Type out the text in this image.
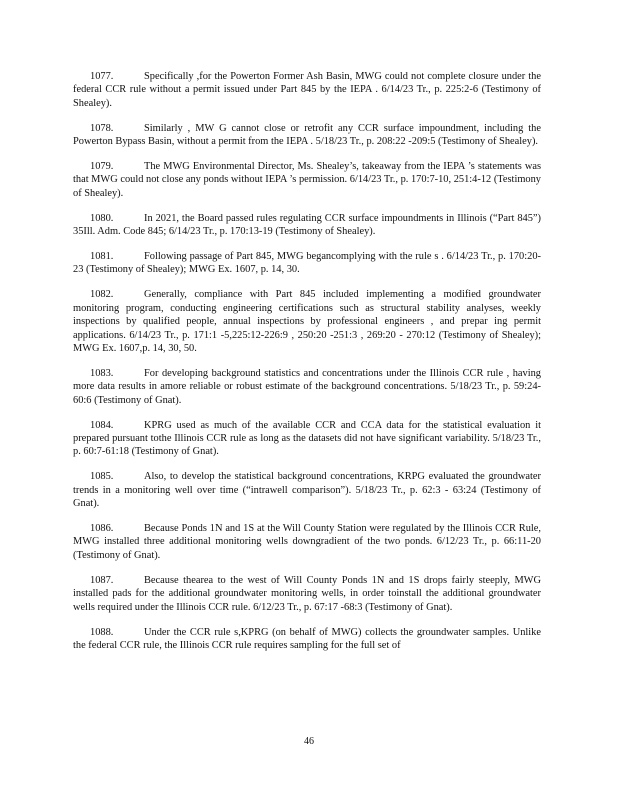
1077.	Specifically ,for the Powerton Former Ash Basin, MWG could not complete closure under the federal CCR rule without a permit issued under Part 845 by the IEPA . 6/14/23 Tr., p. 225:2-6 (Testimony of Shealey).

1078.	Similarly , MW G cannot close or retrofit any CCR surface impoundment, including the Powerton Bypass Basin, without a permit from the IEPA . 5/18/23 Tr., p. 208:22 -209:5 (Testimony of Shealey).

1079.	The MWG Environmental Director, Ms. Shealey’s, takeaway from the IEPA ’s statements was that MWG could not close any ponds without IEPA ’s permission. 6/14/23 Tr., p. 170:7-10, 251:4-12 (Testimony of Shealey).

1080.	In 2021, the Board passed rules regulating CCR surface impoundments in Illinois (“Part 845”) 35Ill. Adm. Code 845; 6/14/23 Tr., p. 170:13-19 (Testimony of Shealey).

1081.	Following passage of Part 845, MWG begancomplying with the rule s . 6/14/23 Tr., p. 170:20-23 (Testimony of Shealey); MWG Ex. 1607, p. 14, 30.

1082.	Generally, compliance with Part 845 included implementing a modified groundwater monitoring program, conducting engineering certifications such as structural stability analyses, weekly inspections by qualified people, annual inspections by professional engineers , and prepar ing permit applications. 6/14/23 Tr., p. 171:1 -5,225:12-226:9 , 250:20 -251:3 , 269:20 - 270:12 (Testimony of Shealey); MWG Ex. 1607,p. 14, 30, 50.

1083.	For developing background statistics and concentrations under the Illinois CCR rule , having more data results in amore reliable or robust estimate of the background concentrations. 5/18/23 Tr., p. 59:24-60:6 (Testimony of Gnat).

1084.	KPRG used as much of the available CCR and CCA data for the statistical evaluation it prepared pursuant tothe Illinois CCR rule as long as the datasets did not have significant variability. 5/18/23 Tr., p. 60:7-61:18 (Testimony of Gnat).

1085.	Also, to develop the statistical background concentrations, KRPG evaluated the groundwater trends in a monitoring well over time (“intrawell comparison”). 5/18/23 Tr., p. 62:3 - 63:24 (Testimony of Gnat).

1086.	Because Ponds 1N and 1S at the Will County Station were regulated by the Illinois CCR Rule, MWG installed three additional monitoring wells downgradient of the two ponds. 6/12/23 Tr., p. 66:11-20 (Testimony of Gnat).

1087.	Because thearea to the west of Will County Ponds 1N and 1S drops fairly steeply, MWG installed pads for the additional groundwater monitoring wells, in order toinstall the additional groundwater wells required under the Illinois CCR rule. 6/12/23 Tr., p. 67:17 -68:3 (Testimony of Gnat).

1088.	Under the CCR rule s,KPRG (on behalf of MWG) collects the groundwater samples. Unlike the federal CCR rule, the Illinois CCR rule requires sampling for the full set of

46
